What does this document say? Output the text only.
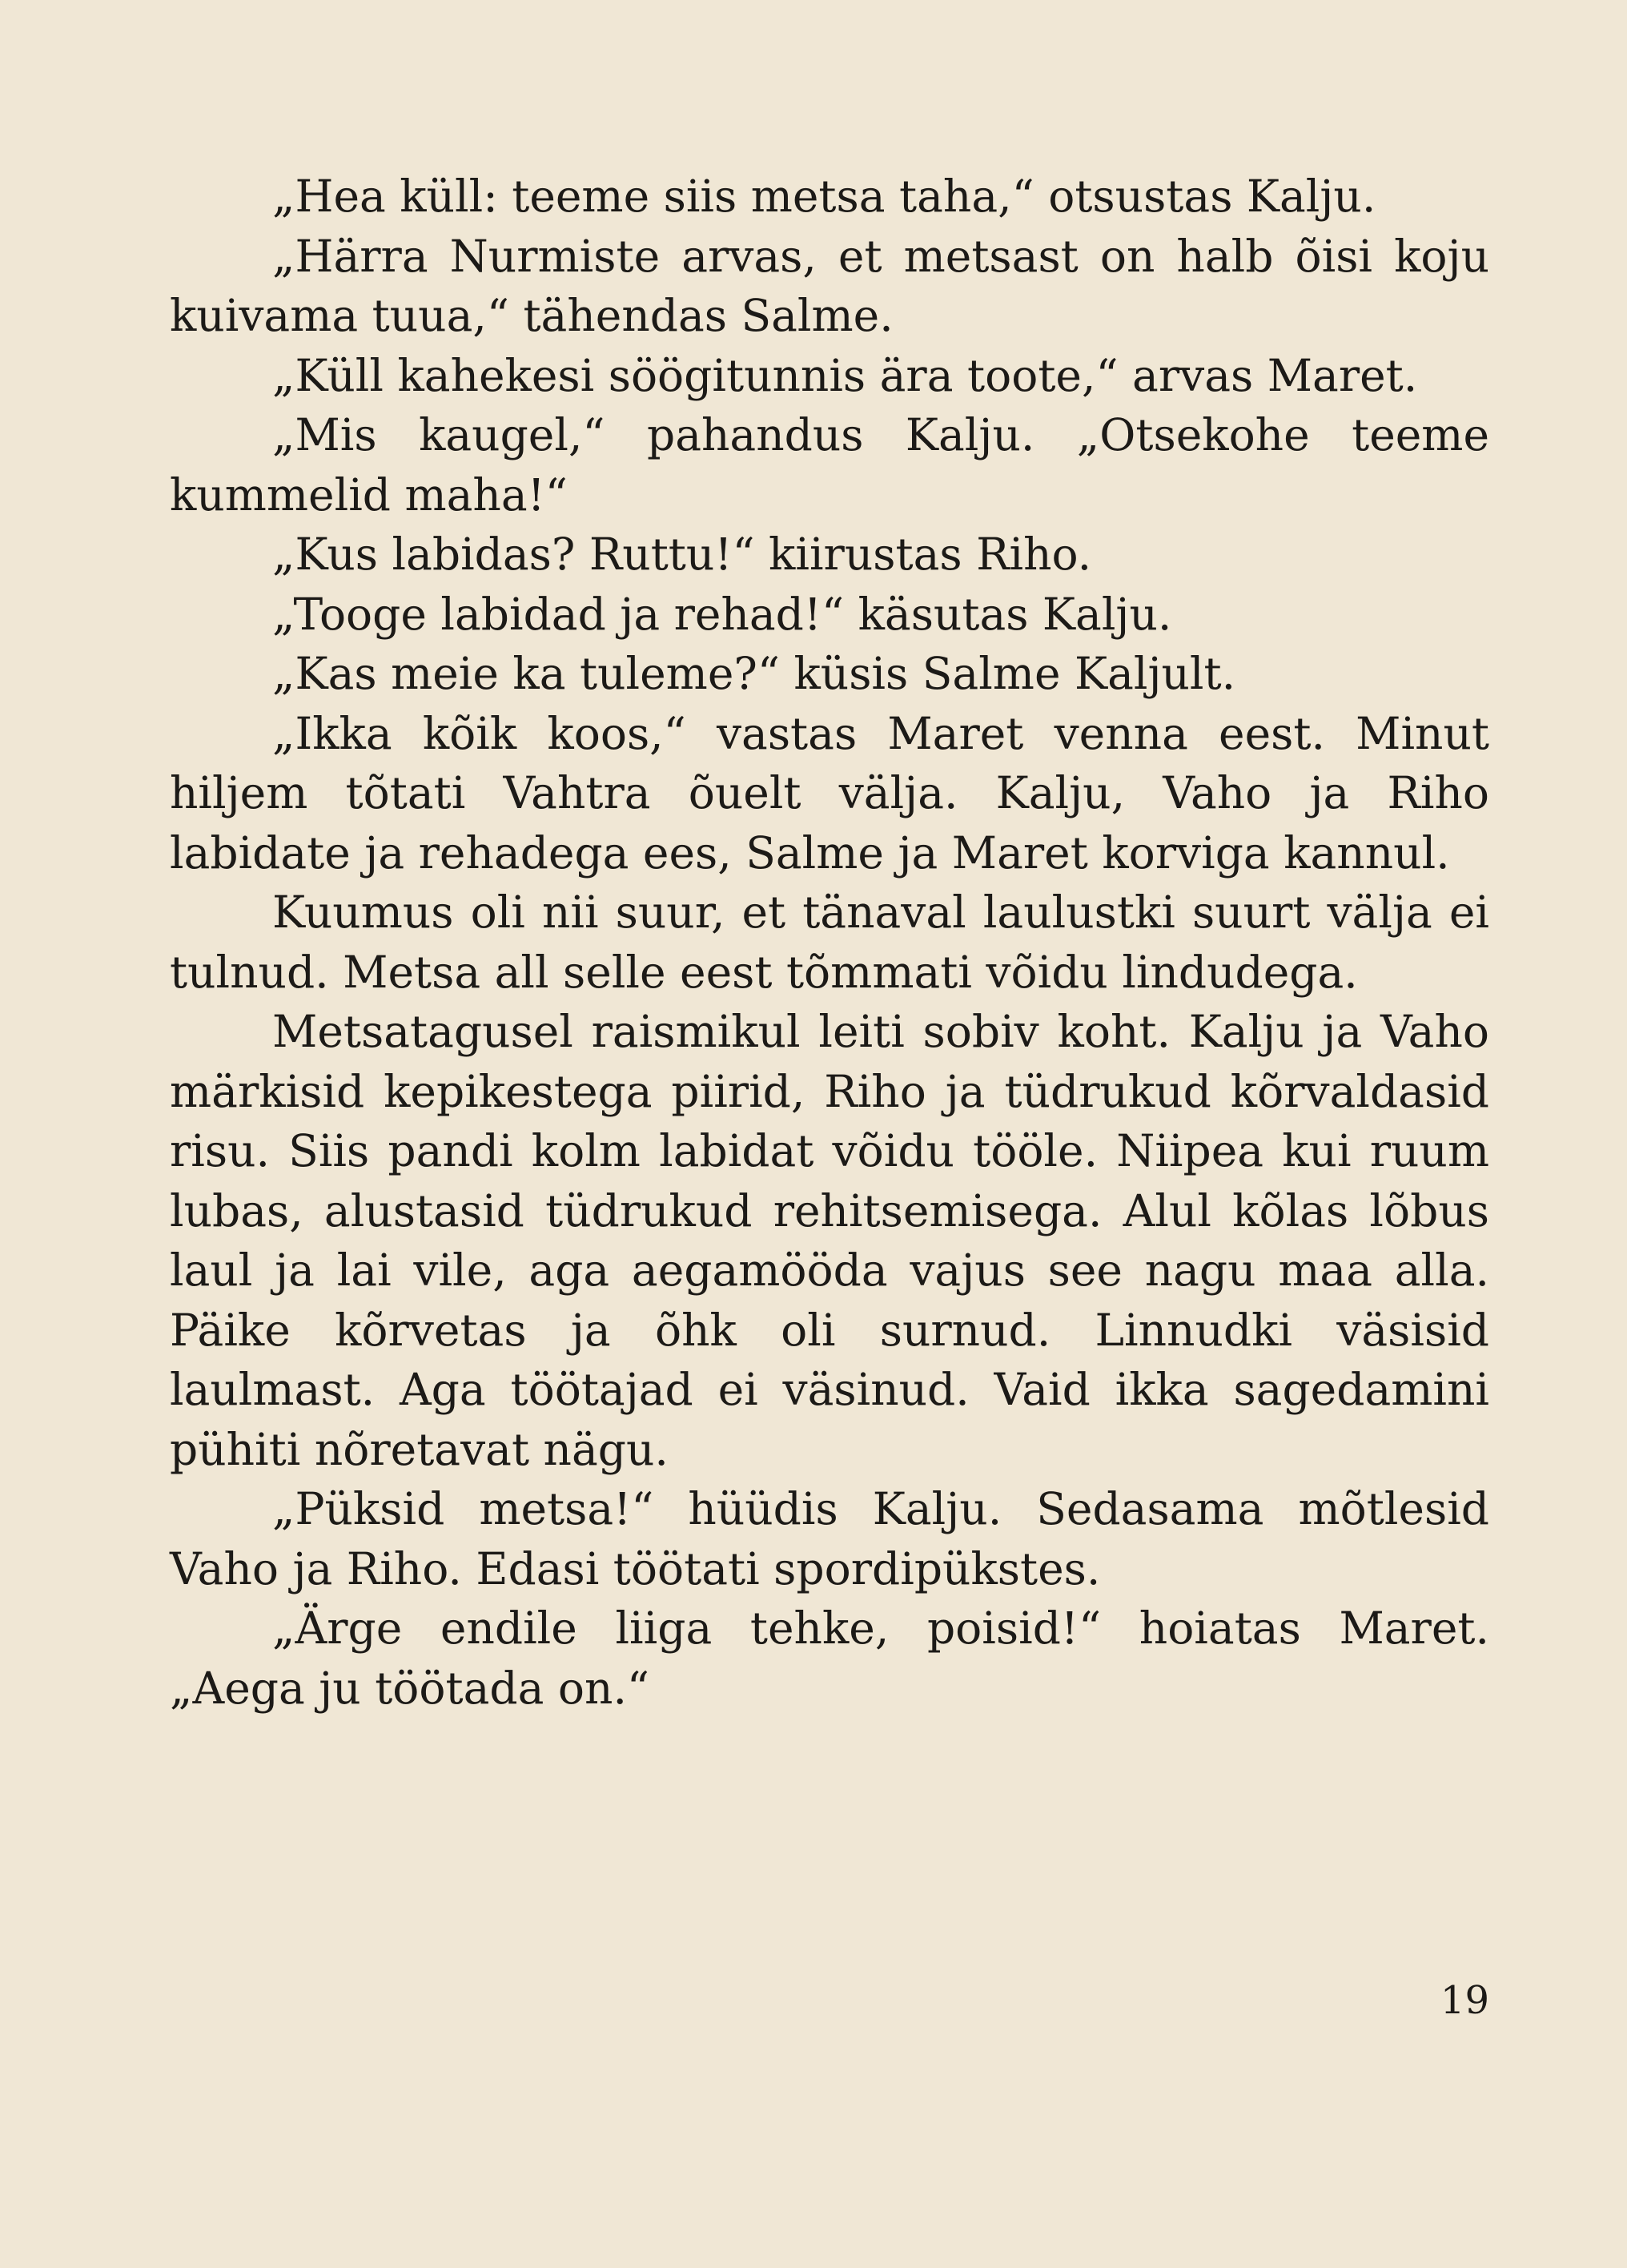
„Hea küll: teeme siis metsa taha,“ otsustas Kalju.

„Härra Nurmiste arvas, et metsast on halb õisi koju kuivama tuua,“ tähendas Salme.

„Küll kahekesi söögitunnis ära toote,“ arvas Maret.

„Mis kaugel,“ pahandus Kalju. „Otsekohe teeme kummelid maha!“

„Kus labidas? Ruttu!“ kiirustas Riho.

„Tooge labidad ja rehad!“ käsutas Kalju.

„Kas meie ka tuleme?“ küsis Salme Kaljult.

„Ikka kõik koos,“ vastas Maret venna eest. Minut hiljem tõtati Vahtra õuelt välja. Kalju, Vaho ja Riho labidate ja rehadega ees, Salme ja Maret korviga kannul.

Kuumus oli nii suur, et tänaval laulustki suurt välja ei tulnud. Metsa all selle eest tõmmati võidu lindudega.

Metsatagusel raismikul leiti sobiv koht. Kalju ja Vaho märkisid kepikestega piirid, Riho ja tüdrukud kõrvaldasid risu. Siis pandi kolm labidat võidu tööle. Niipea kui ruum lubas, alustasid tüdrukud rehitsemisega. Alul kõlas lõbus laul ja lai vile, aga aegamööda vajus see nagu maa alla. Päike kõrvetas ja õhk oli surnud. Linnudki väsisid laulmast. Aga töötajad ei väsinud. Vaid ikka sagedamini pühiti nõretavat nägu.

„Püksid metsa!“ hüüdis Kalju. Sedasama mõtlesid Vaho ja Riho. Edasi töötati spordipükstes.

„Ärge endile liiga tehke, poisid!“ hoiatas Maret. „Aega ju töötada on.“

19
